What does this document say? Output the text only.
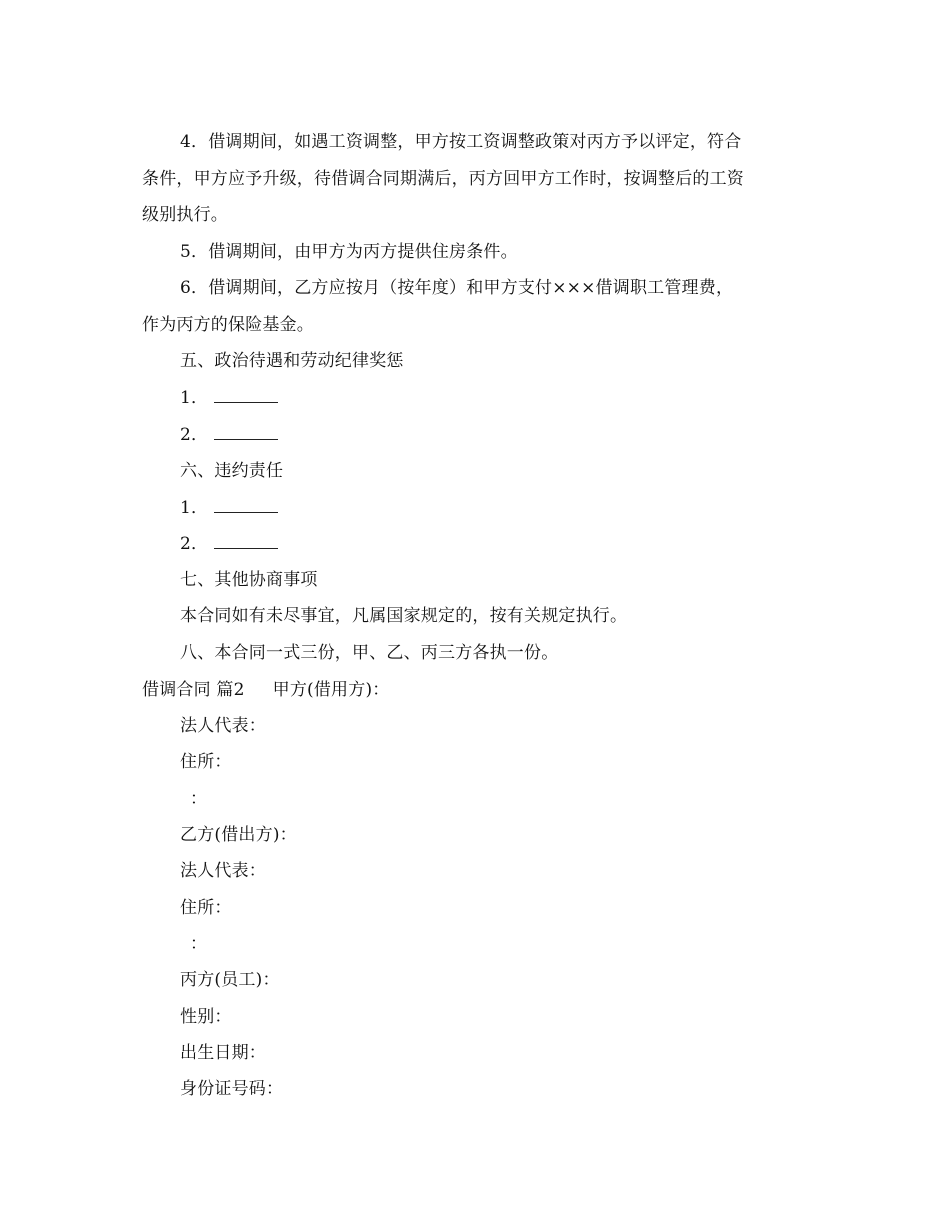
4．借调期间，如遇工资调整，甲方按工资调整政策对丙方予以评定，符合
条件，甲方应予升级，待借调合同期满后，丙方回甲方工作时，按调整后的工资
级别执行。
5．借调期间，由甲方为丙方提供住房条件。
6．借调期间，乙方应按月（按年度）和甲方支付×××借调职工管理费，
作为丙方的保险基金。
五、政治待遇和劳动纪律奖惩
1．
2．
六、违约责任
1．
2．
七、其他协商事项
本合同如有未尽事宜，凡属国家规定的，按有关规定执行。
八、本合同一式三份，甲、乙、丙三方各执一份。
借调合同 篇2 甲方(借用方)：
法人代表：
住所：
：
乙方(借出方)：
法人代表：
住所：
：
丙方(员工)：
性别：
出生日期：
身份证号码：
